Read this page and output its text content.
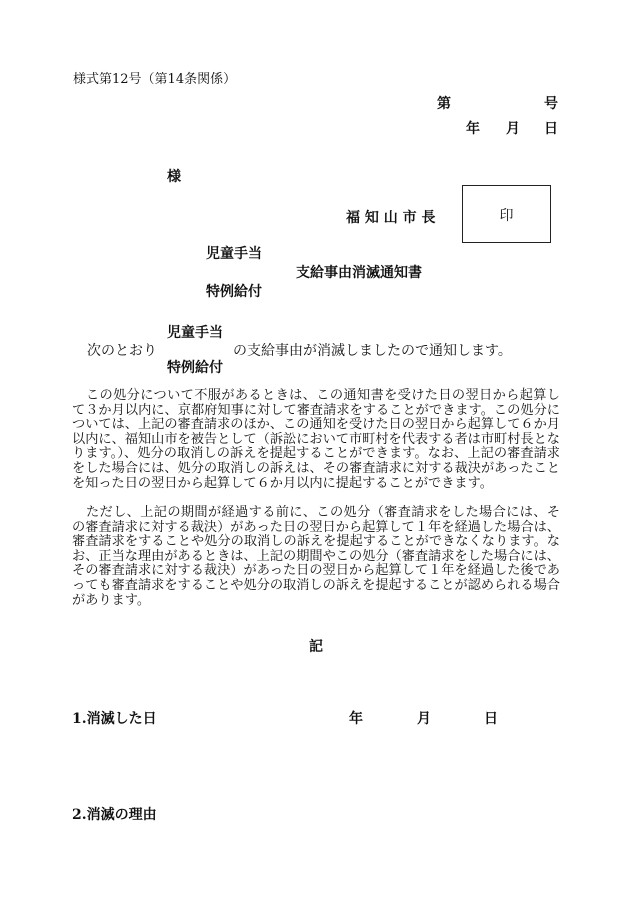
様式第12号（第14条関係）
第	号
年 月 日
様
福 知 山 市 長	印
児童手当
支給事由消滅通知書
特例給付
児童手当
次のとおり	の支給事由が消滅しましたので通知します。
特例給付
この処分について不服があるときは、この通知書を受けた日の翌日から起算して３か月以内に、京都府知事に対して審査請求をすることができます。この処分については、上記の審査請求のほか、この通知を受けた日の翌日から起算して６か月以内に、福知山市を被告として（訴訟において市町村を代表する者は市町村長となります。）、処分の取消しの訴えを提起することができます。なお、上記の審査請求をした場合には、処分の取消しの訴えは、その審査請求に対する裁決があったことを知った日の翌日から起算して６か月以内に提起することができます。
ただし、上記の期間が経過する前に、この処分（審査請求をした場合には、その審査請求に対する裁決）があった日の翌日から起算して１年を経過した場合は、審査請求をすることや処分の取消しの訴えを提起することができなくなります。なお、正当な理由があるときは、上記の期間やこの処分（審査請求をした場合には、その審査請求に対する裁決）があった日の翌日から起算して１年を経過した後であっても審査請求をすることや処分の取消しの訴えを提起することが認められる場合があります。
記
1.消滅した日	年	月	日
2.消滅の理由
